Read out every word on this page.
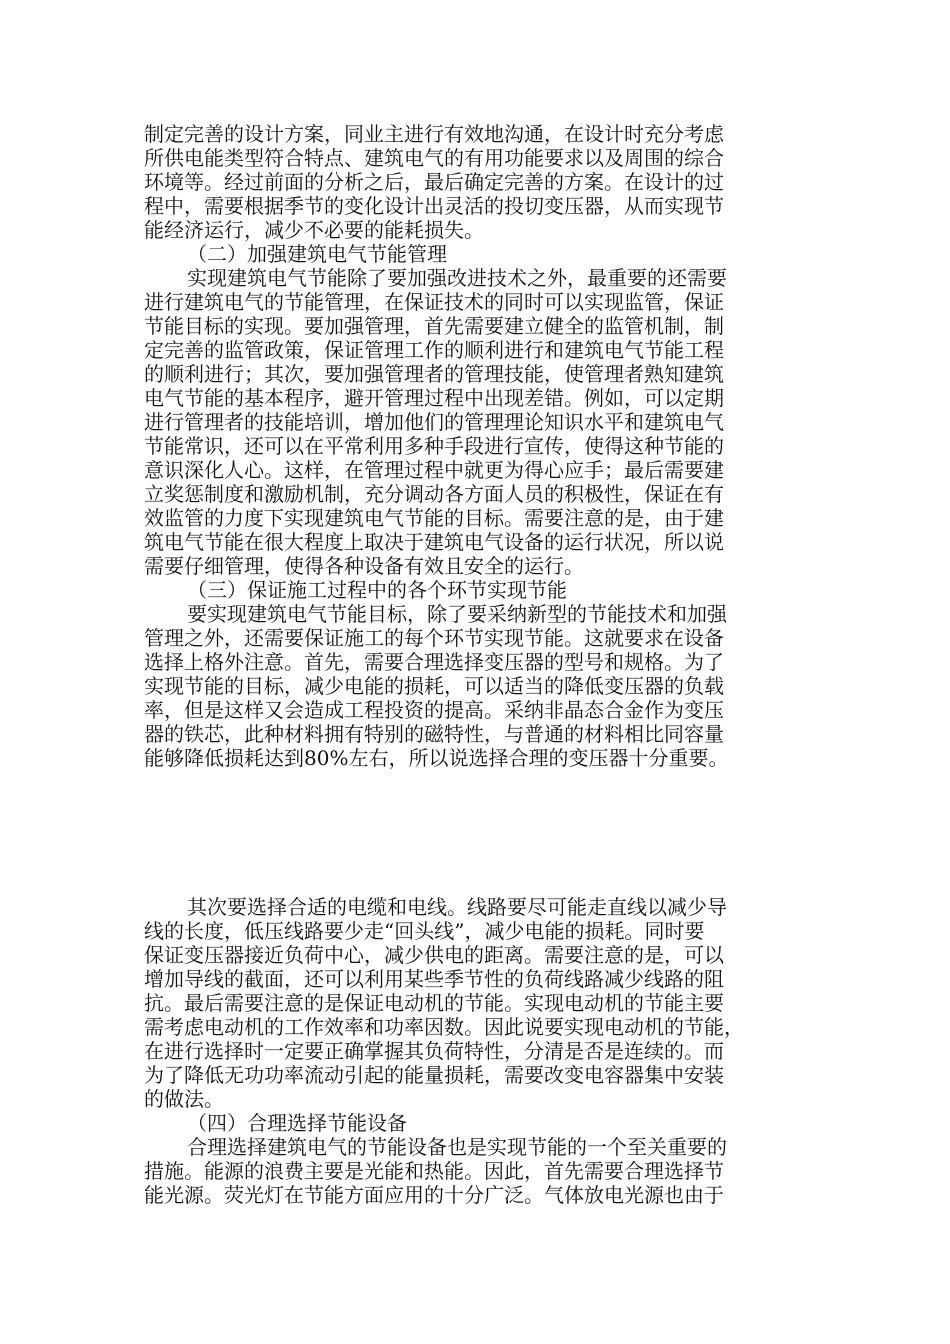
制定完善的设计方案，同业主进行有效地沟通，在设计时充分考虑
所供电能类型符合特点、建筑电气的有用功能要求以及周围的综合
环境等。经过前面的分析之后，最后确定完善的方案。在设计的过
程中，需要根据季节的变化设计出灵活的投切变压器，从而实现节
能经济运行，减少不必要的能耗损失。
（二）加强建筑电气节能管理
实现建筑电气节能除了要加强改进技术之外，最重要的还需要
进行建筑电气的节能管理，在保证技术的同时可以实现监管，保证
节能目标的实现。要加强管理，首先需要建立健全的监管机制，制
定完善的监管政策，保证管理工作的顺利进行和建筑电气节能工程
的顺利进行；其次，要加强管理者的管理技能，使管理者熟知建筑
电气节能的基本程序，避开管理过程中出现差错。例如，可以定期
进行管理者的技能培训，增加他们的管理理论知识水平和建筑电气
节能常识，还可以在平常利用多种手段进行宣传，使得这种节能的
意识深化人心。这样，在管理过程中就更为得心应手；最后需要建
立奖惩制度和激励机制，充分调动各方面人员的积极性，保证在有
效监管的力度下实现建筑电气节能的目标。需要注意的是，由于建
筑电气节能在很大程度上取决于建筑电气设备的运行状况，所以说
需要仔细管理，使得各种设备有效且安全的运行。
（三）保证施工过程中的各个环节实现节能
要实现建筑电气节能目标，除了要采纳新型的节能技术和加强
管理之外，还需要保证施工的每个环节实现节能。这就要求在设备
选择上格外注意。首先，需要合理选择变压器的型号和规格。为了
实现节能的目标，减少电能的损耗，可以适当的降低变压器的负载
率，但是这样又会造成工程投资的提高。采纳非晶态合金作为变压
器的铁芯，此种材料拥有特别的磁特性，与普通的材料相比同容量
能够降低损耗达到80%左右，所以说选择合理的变压器十分重要。
其次要选择合适的电缆和电线。线路要尽可能走直线以减少导
线的长度，低压线路要少走“回头线”，减少电能的损耗。同时要
保证变压器接近负荷中心，减少供电的距离。需要注意的是，可以
增加导线的截面，还可以利用某些季节性的负荷线路减少线路的阻
抗。最后需要注意的是保证电动机的节能。实现电动机的节能主要
需考虑电动机的工作效率和功率因数。因此说要实现电动机的节能，
在进行选择时一定要正确掌握其负荷特性，分清是否是连续的。而
为了降低无功功率流动引起的能量损耗，需要改变电容器集中安装
的做法。
（四）合理选择节能设备
合理选择建筑电气的节能设备也是实现节能的一个至关重要的
措施。能源的浪费主要是光能和热能。因此，首先需要合理选择节
能光源。荧光灯在节能方面应用的十分广泛。气体放电光源也由于
